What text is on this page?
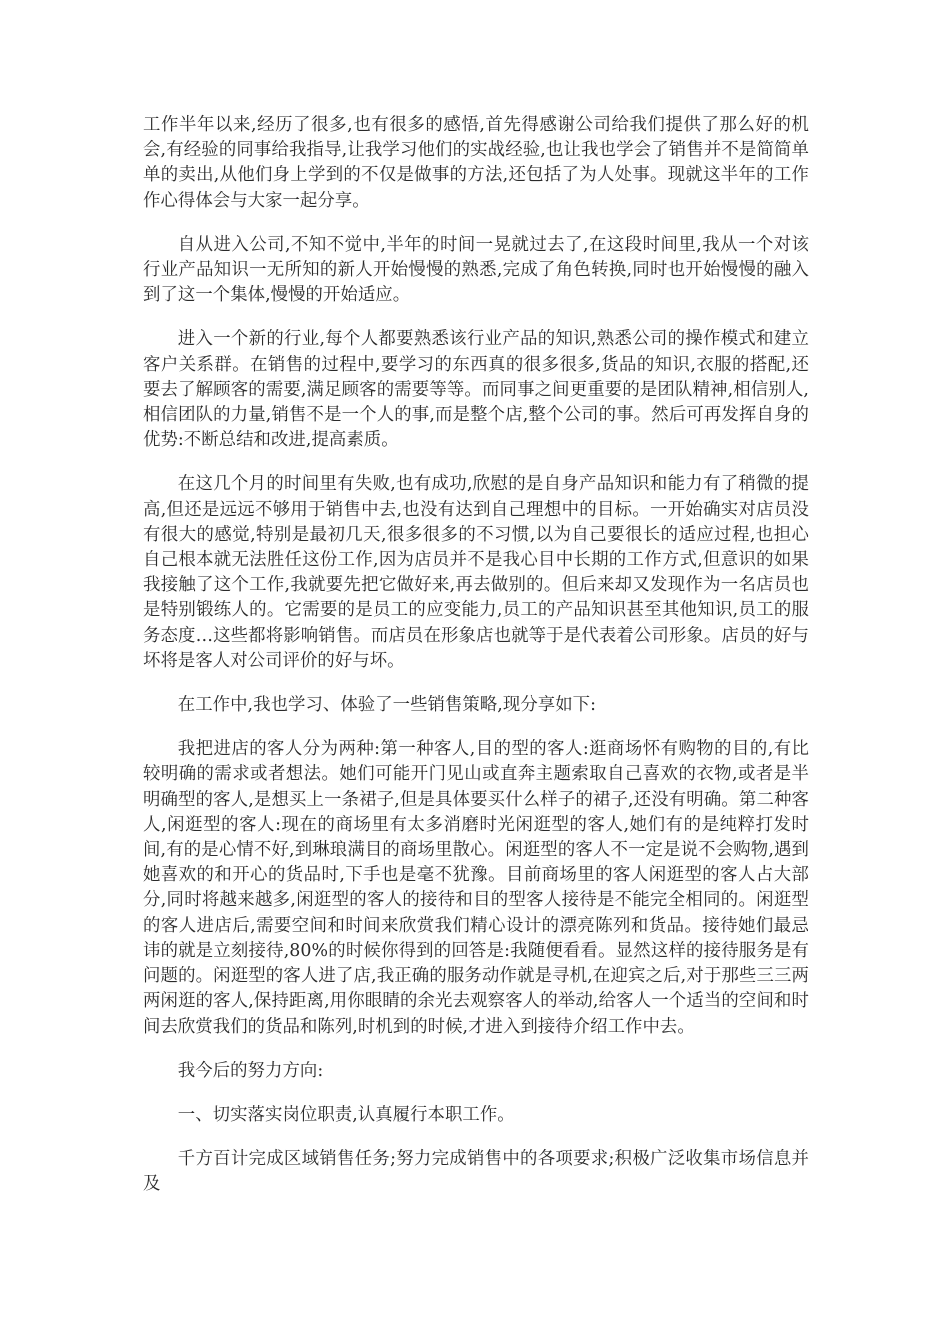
工作半年以来,经历了很多,也有很多的感悟,首先得感谢公司给我们提供了那么好的机会,有经验的同事给我指导,让我学习他们的实战经验,也让我也学会了销售并不是简简单单的卖出,从他们身上学到的不仅是做事的方法,还包括了为人处事。现就这半年的工作作心得体会与大家一起分享。

自从进入公司,不知不觉中,半年的时间一晃就过去了,在这段时间里,我从一个对该行业产品知识一无所知的新人开始慢慢的熟悉,完成了角色转换,同时也开始慢慢的融入到了这一个集体,慢慢的开始适应。

进入一个新的行业,每个人都要熟悉该行业产品的知识,熟悉公司的操作模式和建立客户关系群。在销售的过程中,要学习的东西真的很多很多,货品的知识,衣服的搭配,还要去了解顾客的需要,满足顾客的需要等等。而同事之间更重要的是团队精神,相信别人,相信团队的力量,销售不是一个人的事,而是整个店,整个公司的事。然后可再发挥自身的优势:不断总结和改进,提高素质。

在这几个月的时间里有失败,也有成功,欣慰的是自身产品知识和能力有了稍微的提高,但还是远远不够用于销售中去,也没有达到自己理想中的目标。一开始确实对店员没有很大的感觉,特别是最初几天,很多很多的不习惯,以为自己要很长的适应过程,也担心自己根本就无法胜任这份工作,因为店员并不是我心目中长期的工作方式,但意识的如果我接触了这个工作,我就要先把它做好来,再去做别的。但后来却又发现作为一名店员也是特别锻练人的。它需要的是员工的应变能力,员工的产品知识甚至其他知识,员工的服务态度…这些都将影响销售。而店员在形象店也就等于是代表着公司形象。店员的好与坏将是客人对公司评价的好与坏。

在工作中,我也学习、体验了一些销售策略,现分享如下:

我把进店的客人分为两种:第一种客人,目的型的客人:逛商场怀有购物的目的,有比较明确的需求或者想法。她们可能开门见山或直奔主题索取自己喜欢的衣物,或者是半明确型的客人,是想买上一条裙子,但是具体要买什么样子的裙子,还没有明确。第二种客人,闲逛型的客人:现在的商场里有太多消磨时光闲逛型的客人,她们有的是纯粹打发时间,有的是心情不好,到琳琅满目的商场里散心。闲逛型的客人不一定是说不会购物,遇到她喜欢的和开心的货品时,下手也是毫不犹豫。目前商场里的客人闲逛型的客人占大部分,同时将越来越多,闲逛型的客人的接待和目的型客人接待是不能完全相同的。闲逛型的客人进店后,需要空间和时间来欣赏我们精心设计的漂亮陈列和货品。接待她们最忌讳的就是立刻接待,80%的时候你得到的回答是:我随便看看。显然这样的接待服务是有问题的。闲逛型的客人进了店,我正确的服务动作就是寻机,在迎宾之后,对于那些三三两两闲逛的客人,保持距离,用你眼睛的余光去观察客人的举动,给客人一个适当的空间和时间去欣赏我们的货品和陈列,时机到的时候,才进入到接待介绍工作中去。

我今后的努力方向:

一、切实落实岗位职责,认真履行本职工作。

千方百计完成区域销售任务;努力完成销售中的各项要求;积极广泛收集市场信息并及
